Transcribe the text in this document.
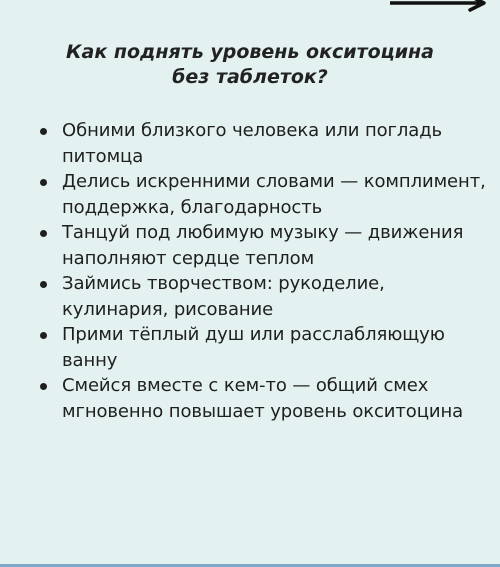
Как поднять уровень окситоцина
без таблеток?
Обними близкого человека или погладь питомца
Делись искренними словами — комплимент, поддержка, благодарность
Танцуй под любимую музыку — движения наполняют сердце теплом
Займись творчеством: рукоделие, кулинария, рисование
Прими тёплый душ или расслабляющую ванну
Смейся вместе с кем-то — общий смех мгновенно повышает уровень окситоцина
